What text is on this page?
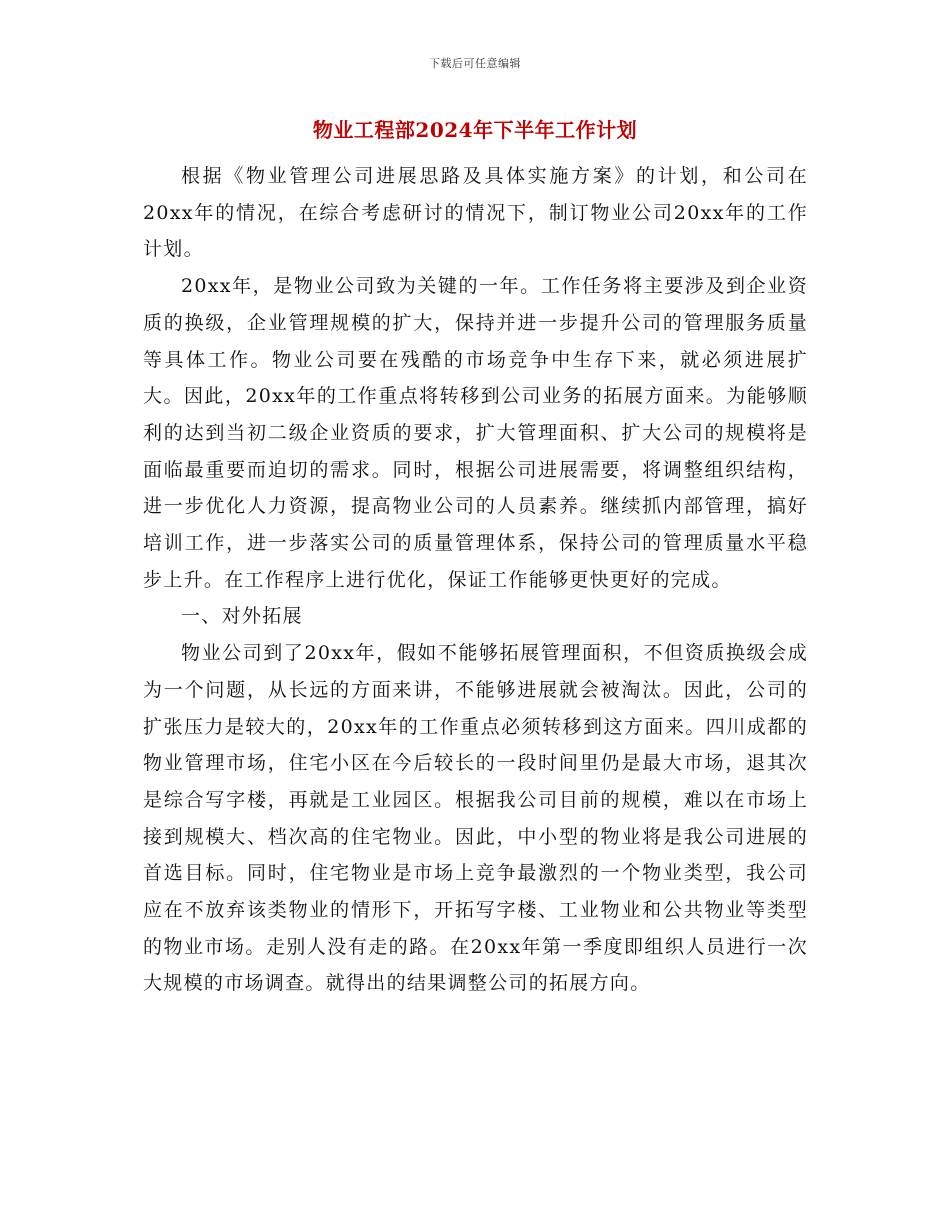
下载后可任意编辑
物业工程部2024年下半年工作计划

根据《物业管理公司进展思路及具体实施方案》的计划，和公司在20xx年的情况，在综合考虑研讨的情况下，制订物业公司20xx年的工作计划。

20xx年，是物业公司致为关键的一年。工作任务将主要涉及到企业资质的换级，企业管理规模的扩大，保持并进一步提升公司的管理服务质量等具体工作。物业公司要在残酷的市场竞争中生存下来，就必须进展扩大。因此，20xx年的工作重点将转移到公司业务的拓展方面来。为能够顺利的达到当初二级企业资质的要求，扩大管理面积、扩大公司的规模将是面临最重要而迫切的需求。同时，根据公司进展需要，将调整组织结构，进一步优化人力资源，提高物业公司的人员素养。继续抓内部管理，搞好培训工作，进一步落实公司的质量管理体系，保持公司的管理质量水平稳步上升。在工作程序上进行优化，保证工作能够更快更好的完成。

一、对外拓展

物业公司到了20xx年，假如不能够拓展管理面积，不但资质换级会成为一个问题，从长远的方面来讲，不能够进展就会被淘汰。因此，公司的扩张压力是较大的，20xx年的工作重点必须转移到这方面来。四川成都的物业管理市场，住宅小区在今后较长的一段时间里仍是最大市场，退其次是综合写字楼，再就是工业园区。根据我公司目前的规模，难以在市场上接到规模大、档次高的住宅物业。因此，中小型的物业将是我公司进展的首选目标。同时，住宅物业是市场上竞争最激烈的一个物业类型，我公司应在不放弃该类物业的情形下，开拓写字楼、工业物业和公共物业等类型的物业市场。走别人没有走的路。在20xx年第一季度即组织人员进行一次大规模的市场调查。就得出的结果调整公司的拓展方向。
